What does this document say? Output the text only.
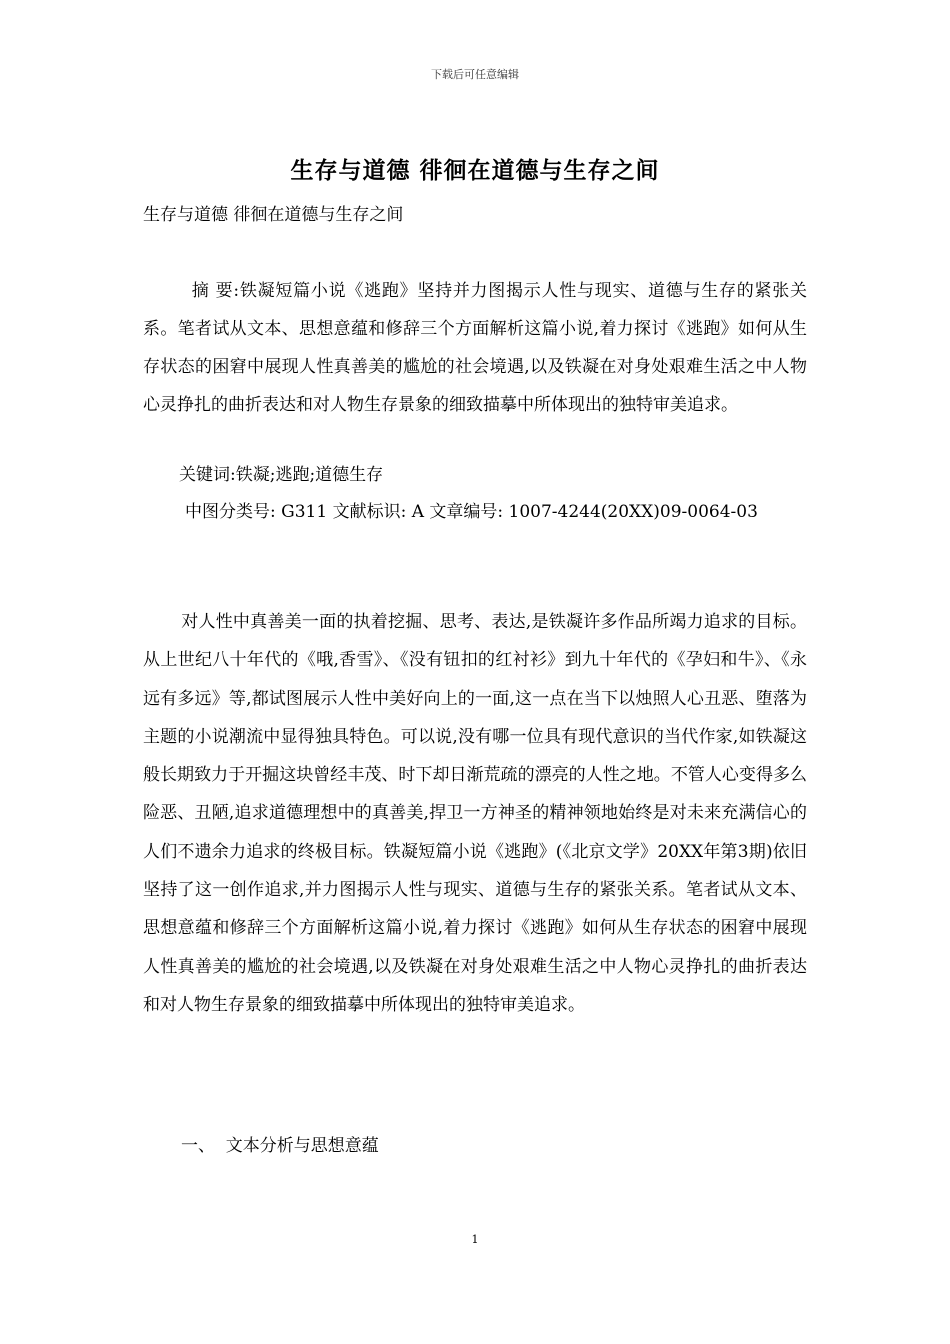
下载后可任意编辑
生存与道德 徘徊在道德与生存之间
生存与道德 徘徊在道德与生存之间
摘 要:铁凝短篇小说《逃跑》坚持并力图揭示人性与现实、道德与生存的紧张关系。笔者试从文本、思想意蕴和修辞三个方面解析这篇小说,着力探讨《逃跑》如何从生存状态的困窘中展现人性真善美的尴尬的社会境遇,以及铁凝在对身处艰难生活之中人物心灵挣扎的曲折表达和对人物生存景象的细致描摹中所体现出的独特审美追求。
关键词:铁凝;逃跑;道德生存
中图分类号: G311 文献标识: A 文章编号: 1007-4244(20XX)09-0064-03
对人性中真善美一面的执着挖掘、思考、表达,是铁凝许多作品所竭力追求的目标。从上世纪八十年代的《哦,香雪》、《没有钮扣的红衬衫》到九十年代的《孕妇和牛》、《永远有多远》等,都试图展示人性中美好向上的一面,这一点在当下以烛照人心丑恶、堕落为主题的小说潮流中显得独具特色。可以说,没有哪一位具有现代意识的当代作家,如铁凝这般长期致力于开掘这块曾经丰茂、时下却日渐荒疏的漂亮的人性之地。不管人心变得多么险恶、丑陋,追求道德理想中的真善美,捍卫一方神圣的精神领地始终是对未来充满信心的人们不遗余力追求的终极目标。铁凝短篇小说《逃跑》(《北京文学》20XX年第3期)依旧坚持了这一创作追求,并力图揭示人性与现实、道德与生存的紧张关系。笔者试从文本、思想意蕴和修辞三个方面解析这篇小说,着力探讨《逃跑》如何从生存状态的困窘中展现人性真善美的尴尬的社会境遇,以及铁凝在对身处艰难生活之中人物心灵挣扎的曲折表达和对人物生存景象的细致描摹中所体现出的独特审美追求。
一、  文本分析与思想意蕴
1
